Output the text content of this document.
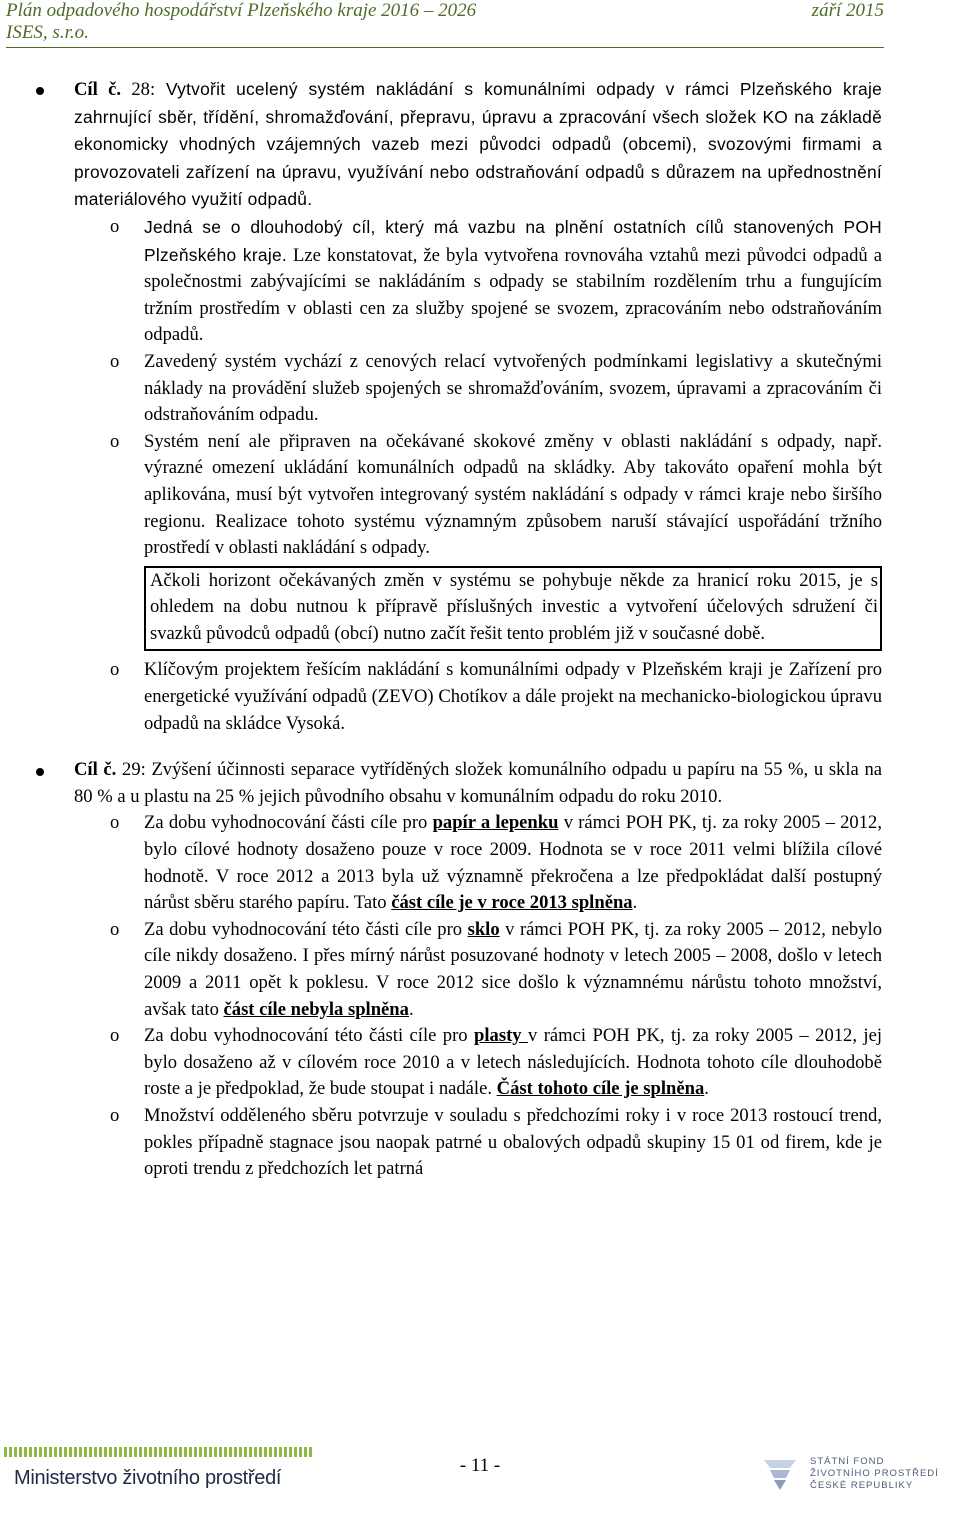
Plán odpadového hospodářství Plzeňského kraje 2016 – 2026	září 2015
ISES, s.r.o.

Cíl č. 28: Vytvořit ucelený systém nakládání s komunálními odpady v rámci Plzeňského kraje zahrnující sběr, třídění, shromažďování, přepravu, úpravu a zpracování všech složek KO na základě ekonomicky vhodných vzájemných vazeb mezi původci odpadů (obcemi), svozovými firmami a provozovateli zařízení na úpravu, využívání nebo odstraňování odpadů s důrazem na upřednostnění materiálového využití odpadů.

o Jedná se o dlouhodobý cíl, který má vazbu na plnění ostatních cílů stanovených POH Plzeňského kraje. Lze konstatovat, že byla vytvořena rovnováha vztahů mezi původci odpadů a společnostmi zabývajícími se nakládáním s odpady se stabilním rozdělením trhu a fungujícím tržním prostředím v oblasti cen za služby spojené se svozem, zpracováním nebo odstraňováním odpadů.

o Zavedený systém vychází z cenových relací vytvořených podmínkami legislativy a skutečnými náklady na provádění služeb spojených se shromažďováním, svozem, úpravami a zpracováním či odstraňováním odpadu.

o Systém není ale připraven na očekávané skokové změny v oblasti nakládání s odpady, např. výrazné omezení ukládání komunálních odpadů na skládky. Aby takováto opaření mohla být aplikována, musí být vytvořen integrovaný systém nakládání s odpady v rámci kraje nebo širšího regionu. Realizace tohoto systému významným způsobem naruší stávající uspořádání tržního prostředí v oblasti nakládání s odpady.

Ačkoli horizont očekávaných změn v systému se pohybuje někde za hranicí roku 2015, je s ohledem na dobu nutnou k přípravě příslušných investic a vytvoření účelových sdružení či svazků původců odpadů (obcí) nutno začít řešit tento problém již v současné době.

o Klíčovým projektem řešícím nakládání s komunálními odpady v Plzeňském kraji je Zařízení pro energetické využívání odpadů (ZEVO) Chotíkov a dále projekt na mechanicko-biologickou úpravu odpadů na skládce Vysoká.

Cíl č. 29: Zvýšení účinnosti separace vytříděných složek komunálního odpadu u papíru na 55 %, u skla na 80 % a u plastu na 25 % jejich původního obsahu v komunálním odpadu do roku 2010.

o Za dobu vyhodnocování části cíle pro papír a lepenku v rámci POH PK, tj. za roky 2005 – 2012, bylo cílové hodnoty dosaženo pouze v roce 2009. Hodnota se v roce 2011 velmi blížila cílové hodnotě. V roce 2012 a 2013 byla už významně překročena a lze předpokládat další postupný nárůst sběru starého papíru. Tato část cíle je v roce 2013 splněna.

o Za dobu vyhodnocování této části cíle pro sklo v rámci POH PK, tj. za roky 2005 – 2012, nebylo cíle nikdy dosaženo. I přes mírný nárůst posuzované hodnoty v letech 2005 – 2008, došlo v letech 2009 a 2011 opět k poklesu. V roce 2012 sice došlo k významnému nárůstu tohoto množství, avšak tato část cíle nebyla splněna.

o Za dobu vyhodnocování této části cíle pro plasty v rámci POH PK, tj. za roky 2005 – 2012, jej bylo dosaženo až v cílovém roce 2010 a v letech následujících. Hodnota tohoto cíle dlouhodobě roste a je předpoklad, že bude stoupat i nadále. Část tohoto cíle je splněna.

o Množství odděleného sběru potvrzuje v souladu s předchozími roky i v roce 2013 rostoucí trend, pokles případně stagnace jsou naopak patrné u obalových odpadů skupiny 15 01 od firem, kde je oproti trendu z předchozích let patrná

Ministerstvo životního prostředí
- 11 -	STÁTNÍ FOND
ŽIVOTNÍHO PROSTŘEDÍ
ČESKÉ REPUBLIKY
